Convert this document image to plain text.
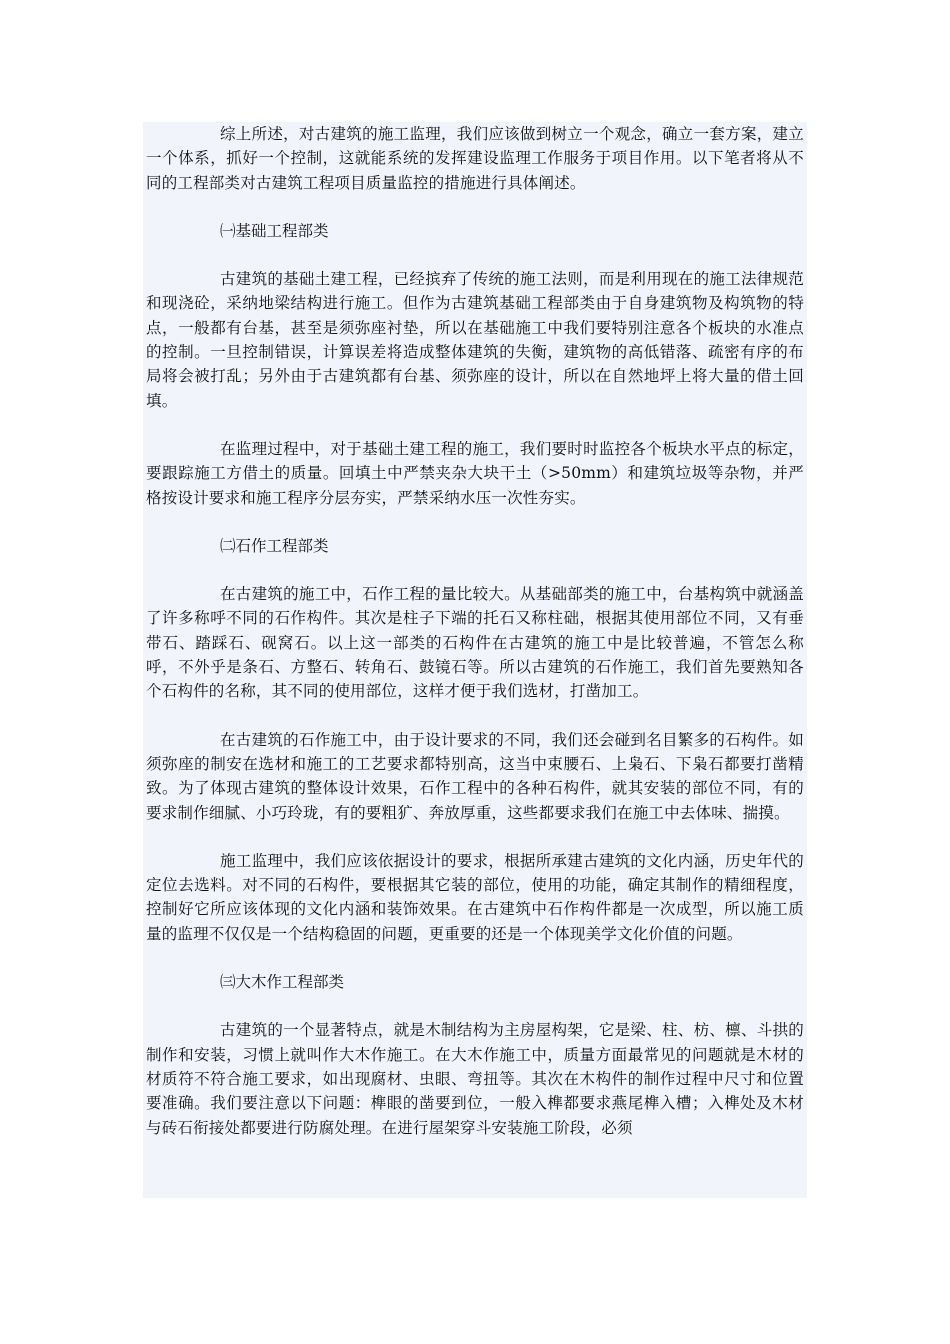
综上所述，对古建筑的施工监理，我们应该做到树立一个观念，确立一套方案，建立一个体系，抓好一个控制，这就能系统的发挥建设监理工作服务于项目作用。以下笔者将从不同的工程部类对古建筑工程项目质量监控的措施进行具体阐述。

㈠基础工程部类

古建筑的基础土建工程，已经摈弃了传统的施工法则，而是利用现在的施工法律规范和现浇砼，采纳地梁结构进行施工。但作为古建筑基础工程部类由于自身建筑物及构筑物的特点，一般都有台基，甚至是须弥座衬垫，所以在基础施工中我们要特别注意各个板块的水准点的控制。一旦控制错误，计算误差将造成整体建筑的失衡，建筑物的高低错落、疏密有序的布局将会被打乱；另外由于古建筑都有台基、须弥座的设计，所以在自然地坪上将大量的借土回填。

在监理过程中，对于基础土建工程的施工，我们要时时监控各个板块水平点的标定，要跟踪施工方借土的质量。回填土中严禁夹杂大块干土（>50mm）和建筑垃圾等杂物，并严格按设计要求和施工程序分层夯实，严禁采纳水压一次性夯实。

㈡石作工程部类

在古建筑的施工中，石作工程的量比较大。从基础部类的施工中，台基构筑中就涵盖了许多称呼不同的石作构件。其次是柱子下端的托石又称柱础，根据其使用部位不同，又有垂带石、踏踩石、砚窝石。以上这一部类的石构件在古建筑的施工中是比较普遍，不管怎么称呼，不外乎是条石、方整石、转角石、鼓镜石等。所以古建筑的石作施工，我们首先要熟知各个石构件的名称，其不同的使用部位，这样才便于我们选材，打凿加工。

在古建筑的石作施工中，由于设计要求的不同，我们还会碰到名目繁多的石构件。如须弥座的制安在选材和施工的工艺要求都特别高，这当中束腰石、上枭石、下枭石都要打凿精致。为了体现古建筑的整体设计效果，石作工程中的各种石构件，就其安装的部位不同，有的要求制作细腻、小巧玲珑，有的要粗犷、奔放厚重，这些都要求我们在施工中去体味、揣摸。

施工监理中，我们应该依据设计的要求，根据所承建古建筑的文化内涵，历史年代的定位去选料。对不同的石构件，要根据其它装的部位，使用的功能，确定其制作的精细程度，控制好它所应该体现的文化内涵和装饰效果。在古建筑中石作构件都是一次成型，所以施工质量的监理不仅仅是一个结构稳固的问题，更重要的还是一个体现美学文化价值的问题。

㈢大木作工程部类

古建筑的一个显著特点，就是木制结构为主房屋构架，它是梁、柱、枋、檩、斗拱的制作和安装，习惯上就叫作大木作施工。在大木作施工中，质量方面最常见的问题就是木材的材质符不符合施工要求，如出现腐材、虫眼、弯扭等。其次在木构件的制作过程中尺寸和位置要准确。我们要注意以下问题：榫眼的凿要到位，一般入榫都要求燕尾榫入槽；入榫处及木材与砖石衔接处都要进行防腐处理。在进行屋架穿斗安装施工阶段，必须
